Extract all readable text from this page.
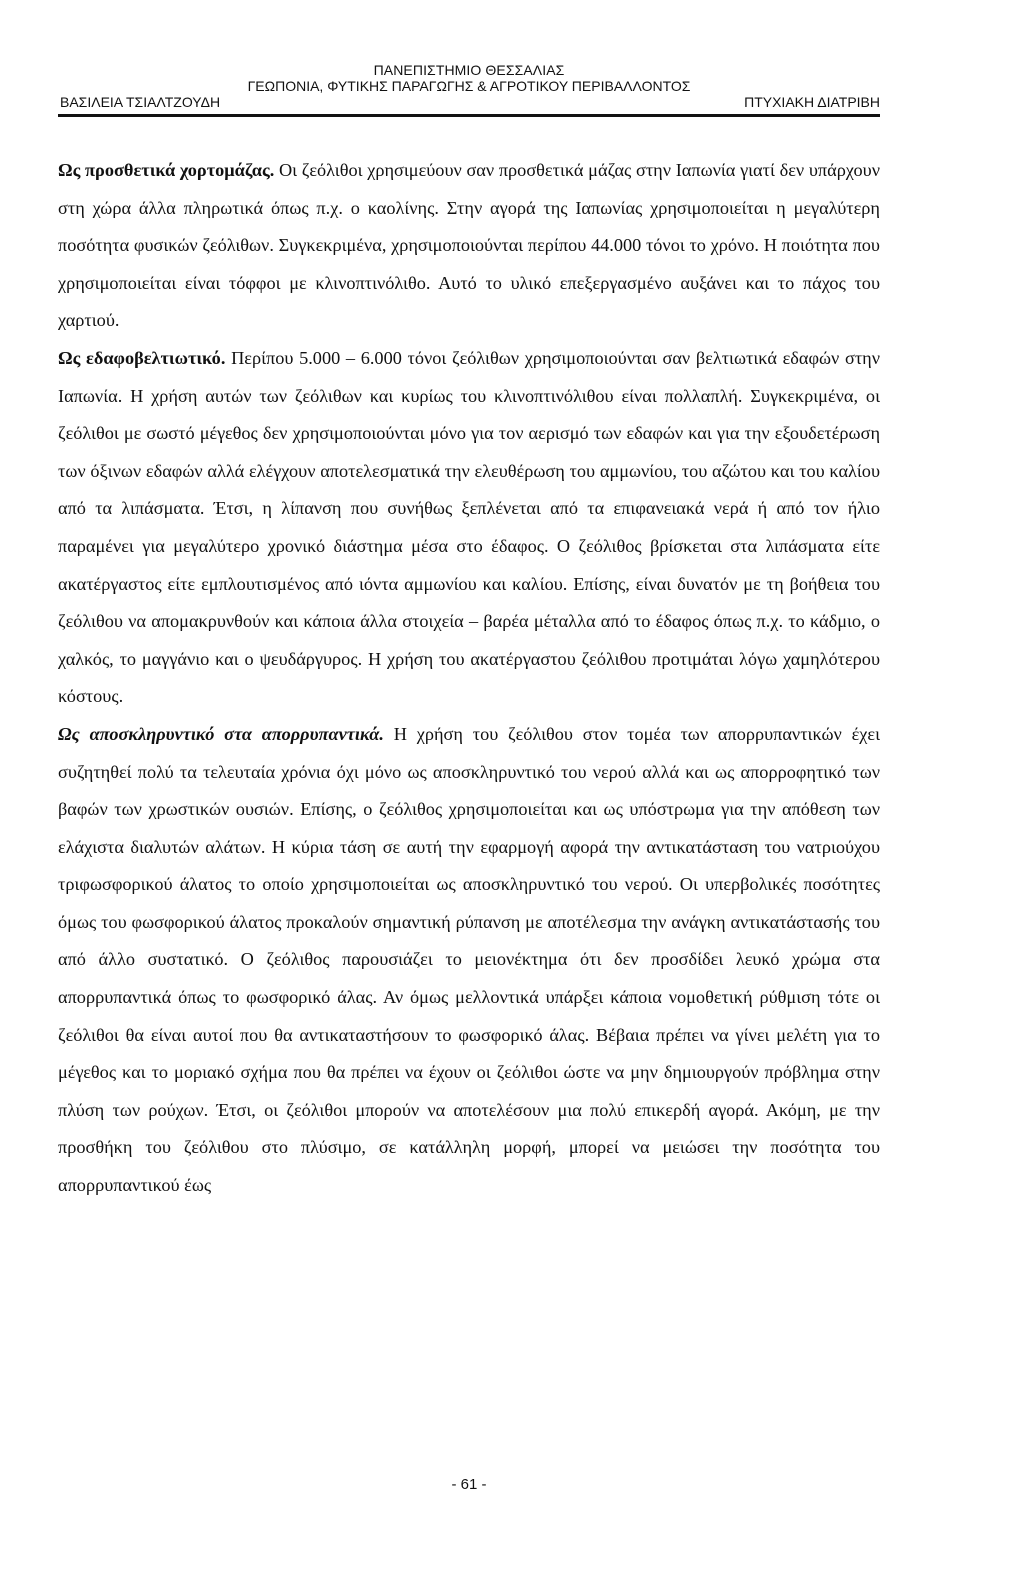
ΠΑΝΕΠΙΣΤΗΜΙΟ ΘΕΣΣΑΛΙΑΣ
ΓΕΩΠΟΝΙΑ, ΦΥΤΙΚΗΣ ΠΑΡΑΓΩΓΗΣ & ΑΓΡΟΤΙΚΟΥ ΠΕΡΙΒΑΛΛΟΝΤΟΣ
ΒΑΣΙΛΕΙΑ ΤΣΙΑΛΤΖΟΥΔΗ	ΠΤΥΧΙΑΚΗ ΔΙΑΤΡΙΒΗ

Ως προσθετικά χορτομάζας. Οι ζεόλιθοι χρησιμεύουν σαν προσθετικά μάζας στην Ιαπωνία γιατί δεν υπάρχουν στη χώρα άλλα πληρωτικά όπως π.χ. ο καολίνης. Στην αγορά της Ιαπωνίας χρησιμοποιείται η μεγαλύτερη ποσότητα φυσικών ζεόλιθων. Συγκεκριμένα, χρησιμοποιούνται περίπου 44.000 τόνοι το χρόνο. Η ποιότητα που χρησιμοποιείται είναι τόφφοι με κλινοπτινόλιθο. Αυτό το υλικό επεξεργασμένο αυξάνει και το πάχος του χαρτιού.

Ως εδαφοβελτιωτικό. Περίπου 5.000 – 6.000 τόνοι ζεόλιθων χρησιμοποιούνται σαν βελτιωτικά εδαφών στην Ιαπωνία. Η χρήση αυτών των ζεόλιθων και κυρίως του κλινοπτινόλιθου είναι πολλαπλή. Συγκεκριμένα, οι ζεόλιθοι με σωστό μέγεθος δεν χρησιμοποιούνται μόνο για τον αερισμό των εδαφών και για την εξουδετέρωση των όξινων εδαφών αλλά ελέγχουν αποτελεσματικά την ελευθέρωση του αμμωνίου, του αζώτου και του καλίου από τα λιπάσματα. Έτσι, η λίπανση που συνήθως ξεπλένεται από τα επιφανειακά νερά ή από τον ήλιο παραμένει για μεγαλύτερο χρονικό διάστημα μέσα στο έδαφος. Ο ζεόλιθος βρίσκεται στα λιπάσματα είτε ακατέργαστος είτε εμπλουτισμένος από ιόντα αμμωνίου και καλίου. Επίσης, είναι δυνατόν με τη βοήθεια του ζεόλιθου να απομακρυνθούν και κάποια άλλα στοιχεία – βαρέα μέταλλα από το έδαφος όπως π.χ. το κάδμιο, ο χαλκός, το μαγγάνιο και ο ψευδάργυρος. Η χρήση του ακατέργαστου ζεόλιθου προτιμάται λόγω χαμηλότερου κόστους.

Ως αποσκληρυντικό στα απορρυπαντικά. Η χρήση του ζεόλιθου στον τομέα των απορρυπαντικών έχει συζητηθεί πολύ τα τελευταία χρόνια όχι μόνο ως αποσκληρυντικό του νερού αλλά και ως απορροφητικό των βαφών των χρωστικών ουσιών. Επίσης, ο ζεόλιθος χρησιμοποιείται και ως υπόστρωμα για την απόθεση των ελάχιστα διαλυτών αλάτων. Η κύρια τάση σε αυτή την εφαρμογή αφορά την αντικατάσταση του νατριούχου τριφωσφορικού άλατος το οποίο χρησιμοποιείται ως αποσκληρυντικό του νερού. Οι υπερβολικές ποσότητες όμως του φωσφορικού άλατος προκαλούν σημαντική ρύπανση με αποτέλεσμα την ανάγκη αντικατάστασής του από άλλο συστατικό. Ο ζεόλιθος παρουσιάζει το μειονέκτημα ότι δεν προσδίδει λευκό χρώμα στα απορρυπαντικά όπως το φωσφορικό άλας. Αν όμως μελλοντικά υπάρξει κάποια νομοθετική ρύθμιση τότε οι ζεόλιθοι θα είναι αυτοί που θα αντικαταστήσουν το φωσφορικό άλας. Βέβαια πρέπει να γίνει μελέτη για το μέγεθος και το μοριακό σχήμα που θα πρέπει να έχουν οι ζεόλιθοι ώστε να μην δημιουργούν πρόβλημα στην πλύση των ρούχων. Έτσι, οι ζεόλιθοι μπορούν να αποτελέσουν μια πολύ επικερδή αγορά. Ακόμη, με την προσθήκη του ζεόλιθου στο πλύσιμο, σε κατάλληλη μορφή, μπορεί να μειώσει την ποσότητα του απορρυπαντικού έως

- 61 -
